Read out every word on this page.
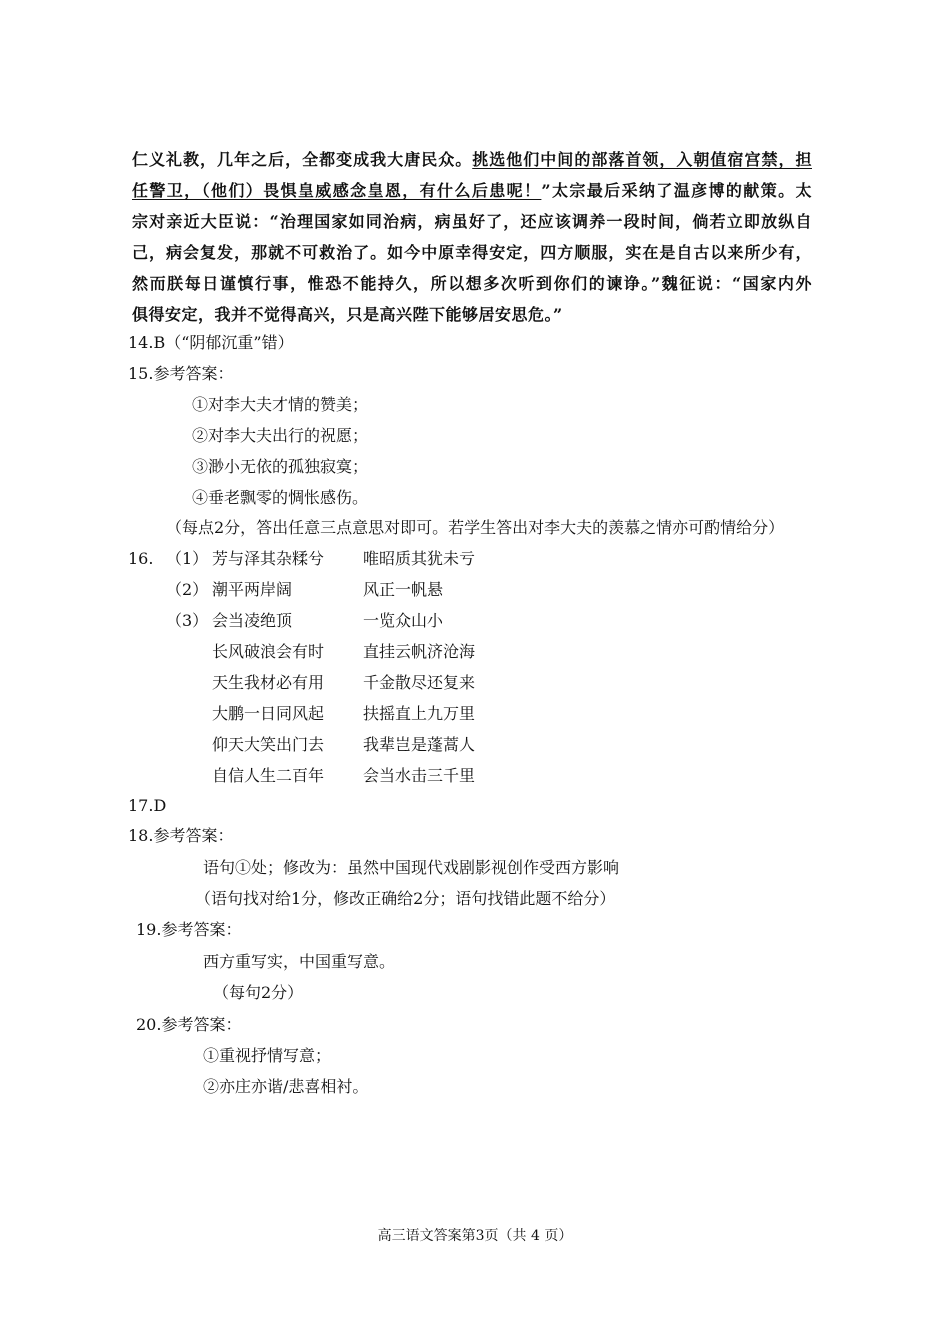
仁义礼教，几年之后，全都变成我大唐民众。挑选他们中间的部落首领，入朝值宿宫禁，担
任警卫，（他们）畏惧皇威感念皇恩，有什么后患呢！”太宗最后采纳了温彦博的献策。太
宗对亲近大臣说：“治理国家如同治病，病虽好了，还应该调养一段时间，倘若立即放纵自
己，病会复发，那就不可救治了。如今中原幸得安定，四方顺服，实在是自古以来所少有，
然而朕每日谨慎行事，惟恐不能持久，所以想多次听到你们的谏诤。”魏征说：“国家内外
俱得安定，我并不觉得高兴，只是高兴陛下能够居安思危。”
14.B（“阴郁沉重”错）
15.参考答案：
①对李大夫才情的赞美；
②对李大夫出行的祝愿；
③渺小无依的孤独寂寞；
④垂老飘零的惆怅感伤。
（每点2分，答出任意三点意思对即可。若学生答出对李大夫的羡慕之情亦可酌情给分）
16. （1） 芳与泽其杂糅兮 唯昭质其犹未亏
（2） 潮平两岸阔	风正一帆悬
（3） 会当凌绝顶	一览众山小
长风破浪会有时 直挂云帆济沧海
天生我材必有用 千金散尽还复来
大鹏一日同风起 扶摇直上九万里
仰天大笑出门去 我辈岂是蓬蒿人
自信人生二百年 会当水击三千里
17.D
18.参考答案：
语句①处；修改为：虽然中国现代戏剧影视创作受西方影响
（语句找对给1分，修改正确给2分；语句找错此题不给分）
19.参考答案：
西方重写实，中国重写意。
（每句2分）
20.参考答案：
①重视抒情写意；
②亦庄亦谐/悲喜相衬。
高三语文答案第3页（共 4 页）
